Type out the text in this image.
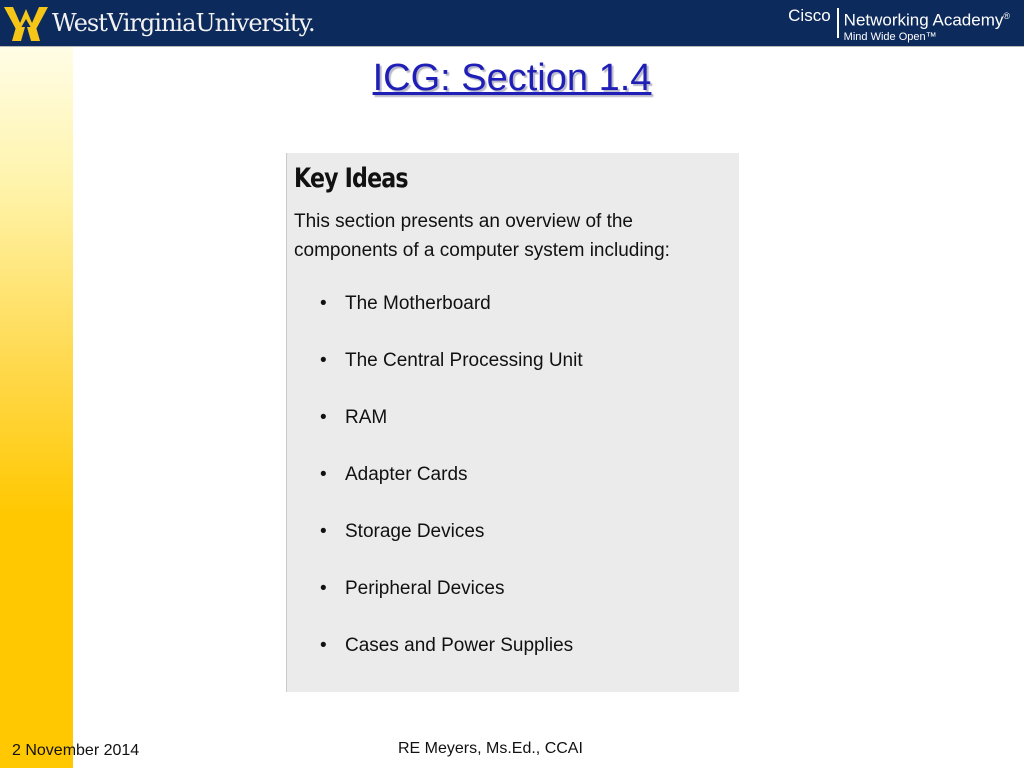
WestVirginiaUniversity.	Cisco Networking Academy®
Mind Wide Open™
ICG: Section 1.4
Key Ideas
This section presents an overview of the components of a computer system including:
• The Motherboard
• The Central Processing Unit
• RAM
• Adapter Cards
• Storage Devices
• Peripheral Devices
• Cases and Power Supplies
2 November 2014	RE Meyers, Ms.Ed., CCAI
